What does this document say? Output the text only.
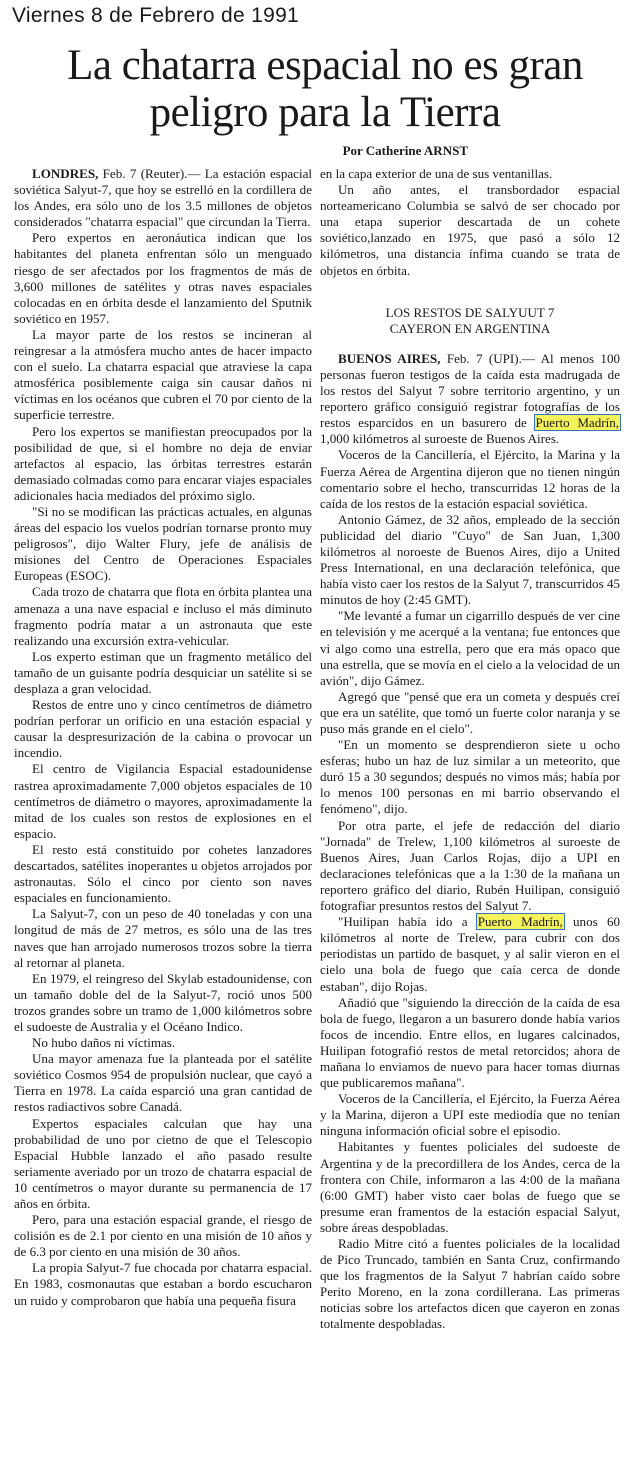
Viernes 8 de Febrero de 1991
La chatarra espacial no es gran peligro para la Tierra
Por Catherine ARNST

LONDRES, Feb. 7 (Reuter).— La estación espacial soviética Salyut-7, que hoy se estrelló en la cordillera de los Andes, era sólo uno de los 3.5 millones de objetos considerados "chatarra espacial" que circundan la Tierra.

Pero expertos en aeronáutica indican que los habitantes del planeta enfrentan sólo un menguado riesgo de ser afectados por los fragmentos de más de 3,600 millones de satélites y otras naves espaciales colocadas en en órbita desde el lanzamiento del Sputnik soviético en 1957.

La mayor parte de los restos se incineran al reingresar a la atmósfera mucho antes de hacer impacto con el suelo. La chatarra espacial que atraviese la capa atmosférica posiblemente caiga sin causar daños ni víctimas en los océanos que cubren el 70 por ciento de la superficie terrestre.

Pero los expertos se manifiestan preocupados por la posibilidad de que, si el hombre no deja de enviar artefactos al espacio, las órbitas terrestres estarán demasiado colmadas como para encarar viajes espaciales adicionales hacia mediados del próximo siglo.

"Si no se modifican las prácticas actuales, en algunas áreas del espacio los vuelos podrían tornarse pronto muy peligrosos", dijo Walter Flury, jefe de análisis de misiones del Centro de Operaciones Espaciales Europeas (ESOC).

Cada trozo de chatarra que flota en órbita plantea una amenaza a una nave espacial e incluso el más diminuto fragmento podría matar a un astronauta que este realizando una excursión extra-vehicular.

Los experto estiman que un fragmento metálico del tamaño de un guisante podría desquiciar un satélite si se desplaza a gran velocidad.

Restos de entre uno y cinco centímetros de diámetro podrían perforar un orificio en una estación espacial y causar la despresurización de la cabina o provocar un incendio.

El centro de Vigilancia Espacial estadounidense rastrea aproximadamente 7,000 objetos espaciales de 10 centímetros de diámetro o mayores, aproximadamente la mitad de los cuales son restos de explosiones en el espacio.

El resto está constituido por cohetes lanzadores descartados, satélites inoperantes u objetos arrojados por astronautas. Sólo el cinco por ciento son naves espaciales en funcionamiento.

La Salyut-7, con un peso de 40 toneladas y con una longitud de más de 27 metros, es sólo una de las tres naves que han arrojado numerosos trozos sobre la tierra al retornar al planeta.

En 1979, el reingreso del Skylab estadounidense, con un tamaño doble del de la Salyut-7, roció unos 500 trozos grandes sobre un tramo de 1,000 kilómetros sobre el sudoeste de Australia y el Océano Indico.

No hubo daños ni víctimas.

Una mayor amenaza fue la planteada por el satélite soviético Cosmos 954 de propulsión nuclear, que cayó a Tierra en 1978. La caída esparció una gran cantidad de restos radiactivos sobre Canadá.

Expertos espaciales calculan que hay una probabilidad de uno por cietno de que el Telescopio Espacial Hubble lanzado el año pasado resulte seriamente averiado por un trozo de chatarra espacial de 10 centímetros o mayor durante su permanencia de 17 años en órbita.

Pero, para una estación espacial grande, el riesgo de colisión es de 2.1 por ciento en una misión de 10 años y de 6.3 por ciento en una misión de 30 años.

La propia Salyut-7 fue chocada por chatarra espacial. En 1983, cosmonautas que estaban a bordo escucharon un ruido y comprobaron que había una pequeña fisura

en la capa exterior de una de sus ventanillas.

Un año antes, el transbordador espacial norteamericano Columbia se salvó de ser chocado por una etapa superior descartada de un cohete soviético,lanzado en 1975, que pasó a sólo 12 kilómetros, una distancia ínfima cuando se trata de objetos en órbita.

LOS RESTOS DE SALYUUT 7
CAYERON EN ARGENTINA

BUENOS AIRES, Feb. 7 (UPI).— Al menos 100 personas fueron testigos de la caída esta madrugada de los restos del Salyut 7 sobre territorio argentino, y un reportero gráfico consiguió registrar fotografías de los restos esparcidos en un basurero de Puerto Madrín, 1,000 kilómetros al suroeste de Buenos Aires.

Voceros de la Cancillería, el Ejército, la Marina y la Fuerza Aérea de Argentina dijeron que no tienen ningún comentario sobre el hecho, transcurridas 12 horas de la caída de los restos de la estación espacial soviética.

Antonio Gámez, de 32 años, empleado de la sección publicidad del diario "Cuyo" de San Juan, 1,300 kilómetros al noroeste de Buenos Aires, dijo a United Press International, en una declaración telefónica, que había visto caer los restos de la Salyut 7, transcurridos 45 minutos de hoy (2:45 GMT).

"Me levanté a fumar un cigarrillo después de ver cine en televisión y me acerqué a la ventana; fue entonces que vi algo como una estrella, pero que era más opaco que una estrella, que se movía en el cielo a la velocidad de un avión", dijo Gámez.

Agregó que "pensé que era un cometa y después creí que era un satélite, que tomó un fuerte color naranja y se puso más grande en el cielo".

"En un momento se desprendieron siete u ocho esferas; hubo un haz de luz similar a un meteorito, que duró 15 a 30 segundos; después no vimos más; había por lo menos 100 personas en mi barrio observando el fenómeno", dijo.

Por otra parte, el jefe de redacción del diario "Jornada" de Trelew, 1,100 kilómetros al suroeste de Buenos Aires, Juan Carlos Rojas, dijo a UPI en declaraciones telefónicas que a la 1:30 de la mañana un reportero gráfico del diario, Rubén Huilipan, consiguió fotografiar presuntos restos del Salyut 7.

"Huilipan había ido a Puerto Madrín, unos 60 kilómetros al norte de Trelew, para cubrir con dos periodistas un partido de basquet, y al salir vieron en el cielo una bola de fuego que caía cerca de donde estaban", dijo Rojas.

Añadió que "siguiendo la dirección de la caída de esa bola de fuego, llegaron a un basurero donde había varios focos de incendio. Entre ellos, en lugares calcinados, Huilipan fotografió restos de metal retorcidos; ahora de mañana lo enviamos de nuevo para hacer tomas diurnas que publicaremos mañana".

Voceros de la Cancillería, el Ejército, la Fuerza Aérea y la Marina, dijeron a UPI este mediodía que no tenían ninguna información oficial sobre el episodio.

Habitantes y fuentes policiales del sudoeste de Argentina y de la precordillera de los Andes, cerca de la frontera con Chile, informaron a las 4:00 de la mañana (6:00 GMT) haber visto caer bolas de fuego que se presume eran framentos de la estación espacial Salyut, sobre áreas despobladas.

Radio Mitre citó a fuentes policiales de la localidad de Pico Truncado, también en Santa Cruz, confirmando que los fragmentos de la Salyut 7 habrían caído sobre Perito Moreno, en la zona cordillerana. Las primeras noticias sobre los artefactos dicen que cayeron en zonas totalmente despobladas.
